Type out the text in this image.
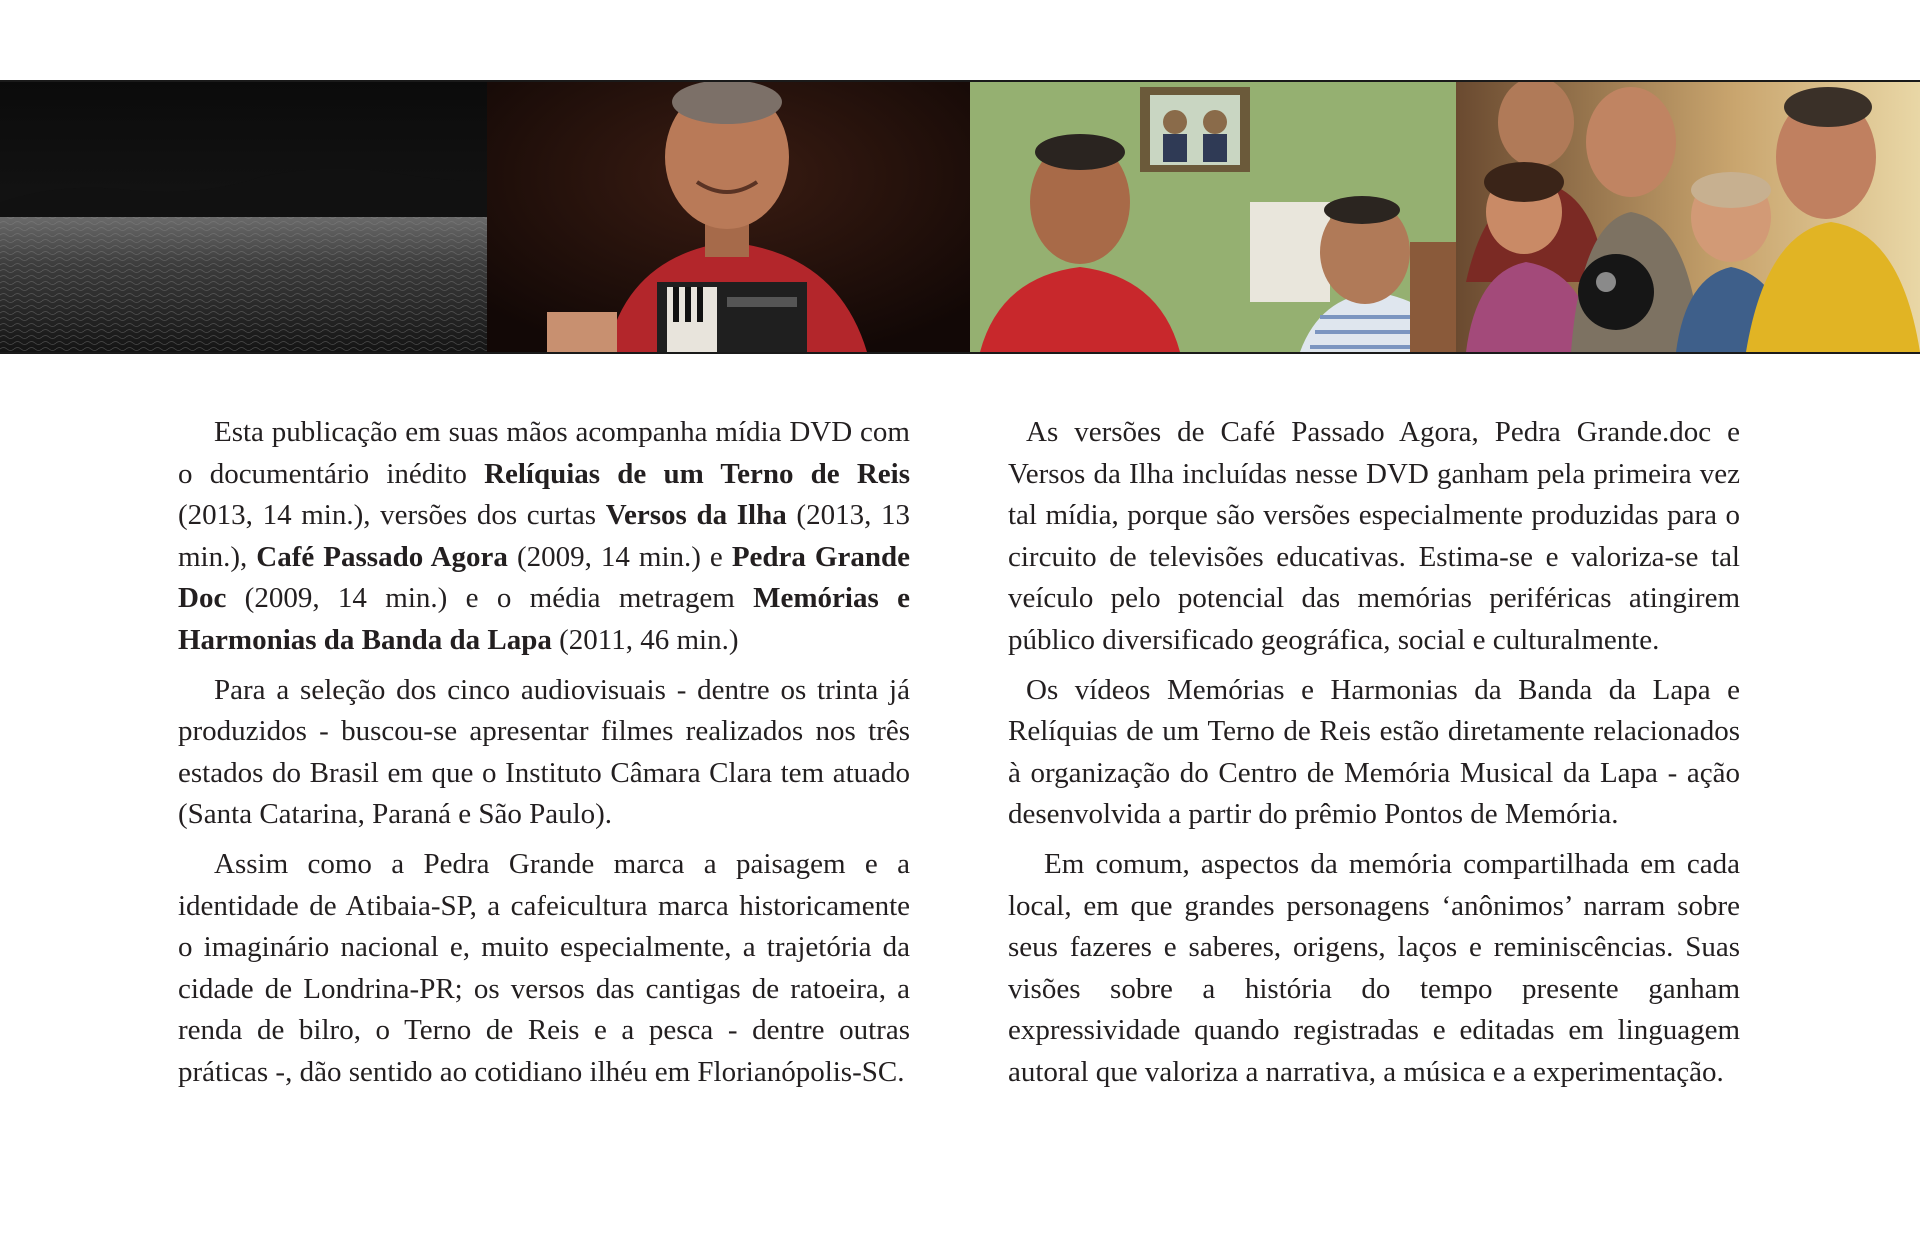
Esta publicação em suas mãos acompanha mídia DVD com o documentário inédito Relíquias de um Terno de Reis (2013, 14 min.), versões dos curtas Versos da Ilha (2013, 13 min.), Café Passado Agora (2009, 14 min.) e Pedra Grande Doc (2009, 14 min.) e o média metragem Memórias e Harmonias da Banda da Lapa (2011, 46 min.)

Para a seleção dos cinco audiovisuais - dentre os trinta já produzidos - buscou-se apresentar filmes realizados nos três estados do Brasil em que o Instituto Câmara Clara tem atuado (Santa Catarina, Paraná e São Paulo).

Assim como a Pedra Grande marca a paisagem e a identidade de Atibaia-SP, a cafeicultura marca historicamente o imaginário nacional e, muito especialmente, a trajetória da cidade de Londrina-PR; os versos das cantigas de ratoeira, a renda de bilro, o Terno de Reis e a pesca - dentre outras práticas -, dão sentido ao cotidiano ilhéu em Florianópolis-SC.

As versões de Café Passado Agora, Pedra Grande.doc e Versos da Ilha incluídas nesse DVD ganham pela primeira vez tal mídia, porque são versões especialmente produzidas para o circuito de televisões educativas. Estima-se e valoriza-se tal veículo pelo potencial das memórias periféricas atingirem público diversificado geográfica, social e culturalmente.

Os vídeos Memórias e Harmonias da Banda da Lapa e Relíquias de um Terno de Reis estão diretamente relacionados à organização do Centro de Memória Musical da Lapa - ação desenvolvida a partir do prêmio Pontos de Memória.

Em comum, aspectos da memória compartilhada em cada local, em que grandes personagens ‘anônimos’ narram sobre seus fazeres e saberes, origens, laços e reminiscências. Suas visões sobre a história do tempo presente ganham expressividade quando registradas e editadas em linguagem autoral que valoriza a narrativa, a música e a experimentação.
